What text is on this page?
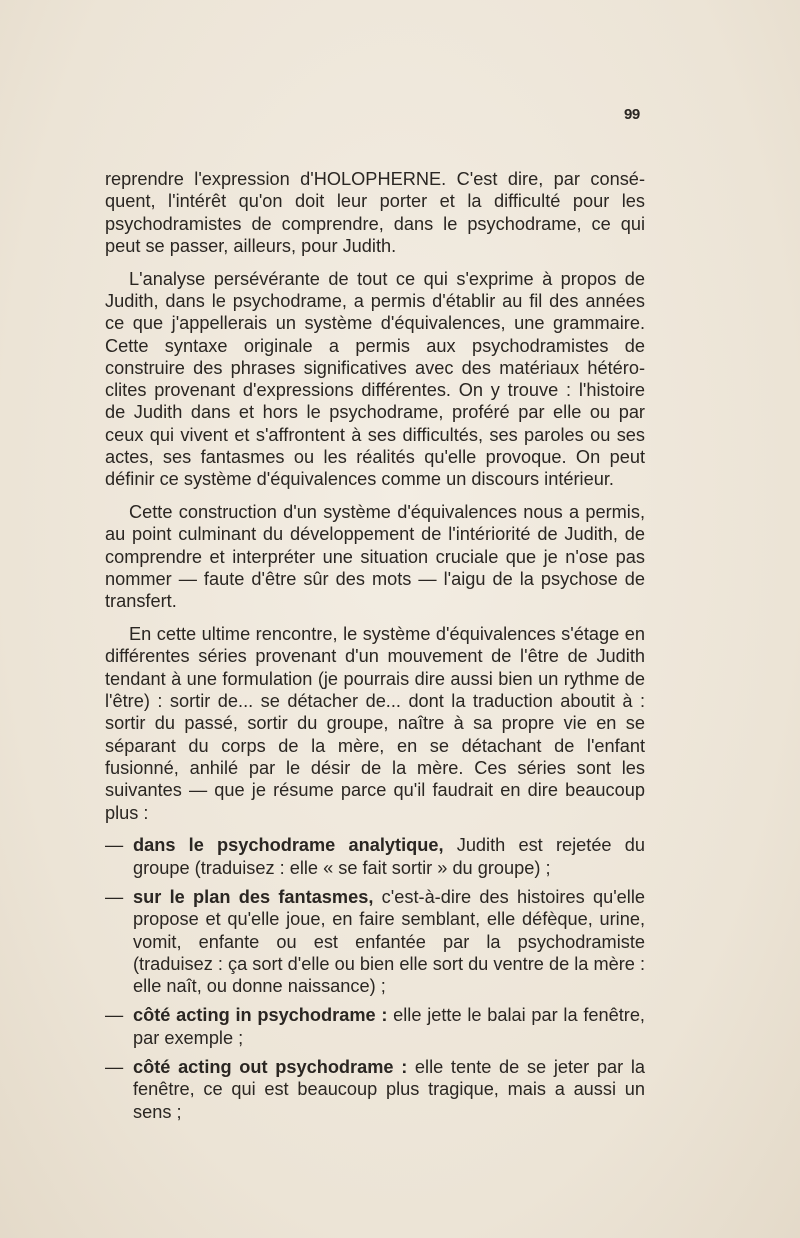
99

reprendre l'expression d'HOLOPHERNE. C'est dire, par conséquent, l'intérêt qu'on doit leur porter et la difficulté pour les psychodramistes de comprendre, dans le psychodrame, ce qui peut se passer, ailleurs, pour Judith.

L'analyse persévérante de tout ce qui s'exprime à propos de Judith, dans le psychodrame, a permis d'établir au fil des années ce que j'appellerais un système d'équivalences, une grammaire. Cette syntaxe originale a permis aux psychodramistes de construire des phrases significatives avec des matériaux hétéroclites provenant d'expressions différentes. On y trouve : l'histoire de Judith dans et hors le psychodrame, proféré par elle ou par ceux qui vivent et s'affrontent à ses difficultés, ses paroles ou ses actes, ses fantasmes ou les réalités qu'elle provoque. On peut définir ce système d'équivalences comme un discours intérieur.

Cette construction d'un système d'équivalences nous a permis, au point culminant du développement de l'intériorité de Judith, de comprendre et interpréter une situation cruciale que je n'ose pas nommer — faute d'être sûr des mots — l'aigu de la psychose de transfert.

En cette ultime rencontre, le système d'équivalences s'étage en différentes séries provenant d'un mouvement de l'être de Judith tendant à une formulation (je pourrais dire aussi bien un rythme de l'être) : sortir de... se détacher de... dont la traduction aboutit à : sortir du passé, sortir du groupe, naître à sa propre vie en se séparant du corps de la mère, en se détachant de l'enfant fusionné, anhilé par le désir de la mère. Ces séries sont les suivantes — que je résume parce qu'il faudrait en dire beaucoup plus :

— dans le psychodrame analytique, Judith est rejetée du groupe (traduisez : elle « se fait sortir » du groupe) ;
— sur le plan des fantasmes, c'est-à-dire des histoires qu'elle propose et qu'elle joue, en faire semblant, elle défèque, urine, vomit, enfante ou est enfantée par la psychodramiste (traduisez : ça sort d'elle ou bien elle sort du ventre de la mère : elle naît, ou donne naissance) ;
— côté acting in psychodrame : elle jette le balai par la fenêtre, par exemple ;
— côté acting out psychodrame : elle tente de se jeter par la fenêtre, ce qui est beaucoup plus tragique, mais a aussi un sens ;
